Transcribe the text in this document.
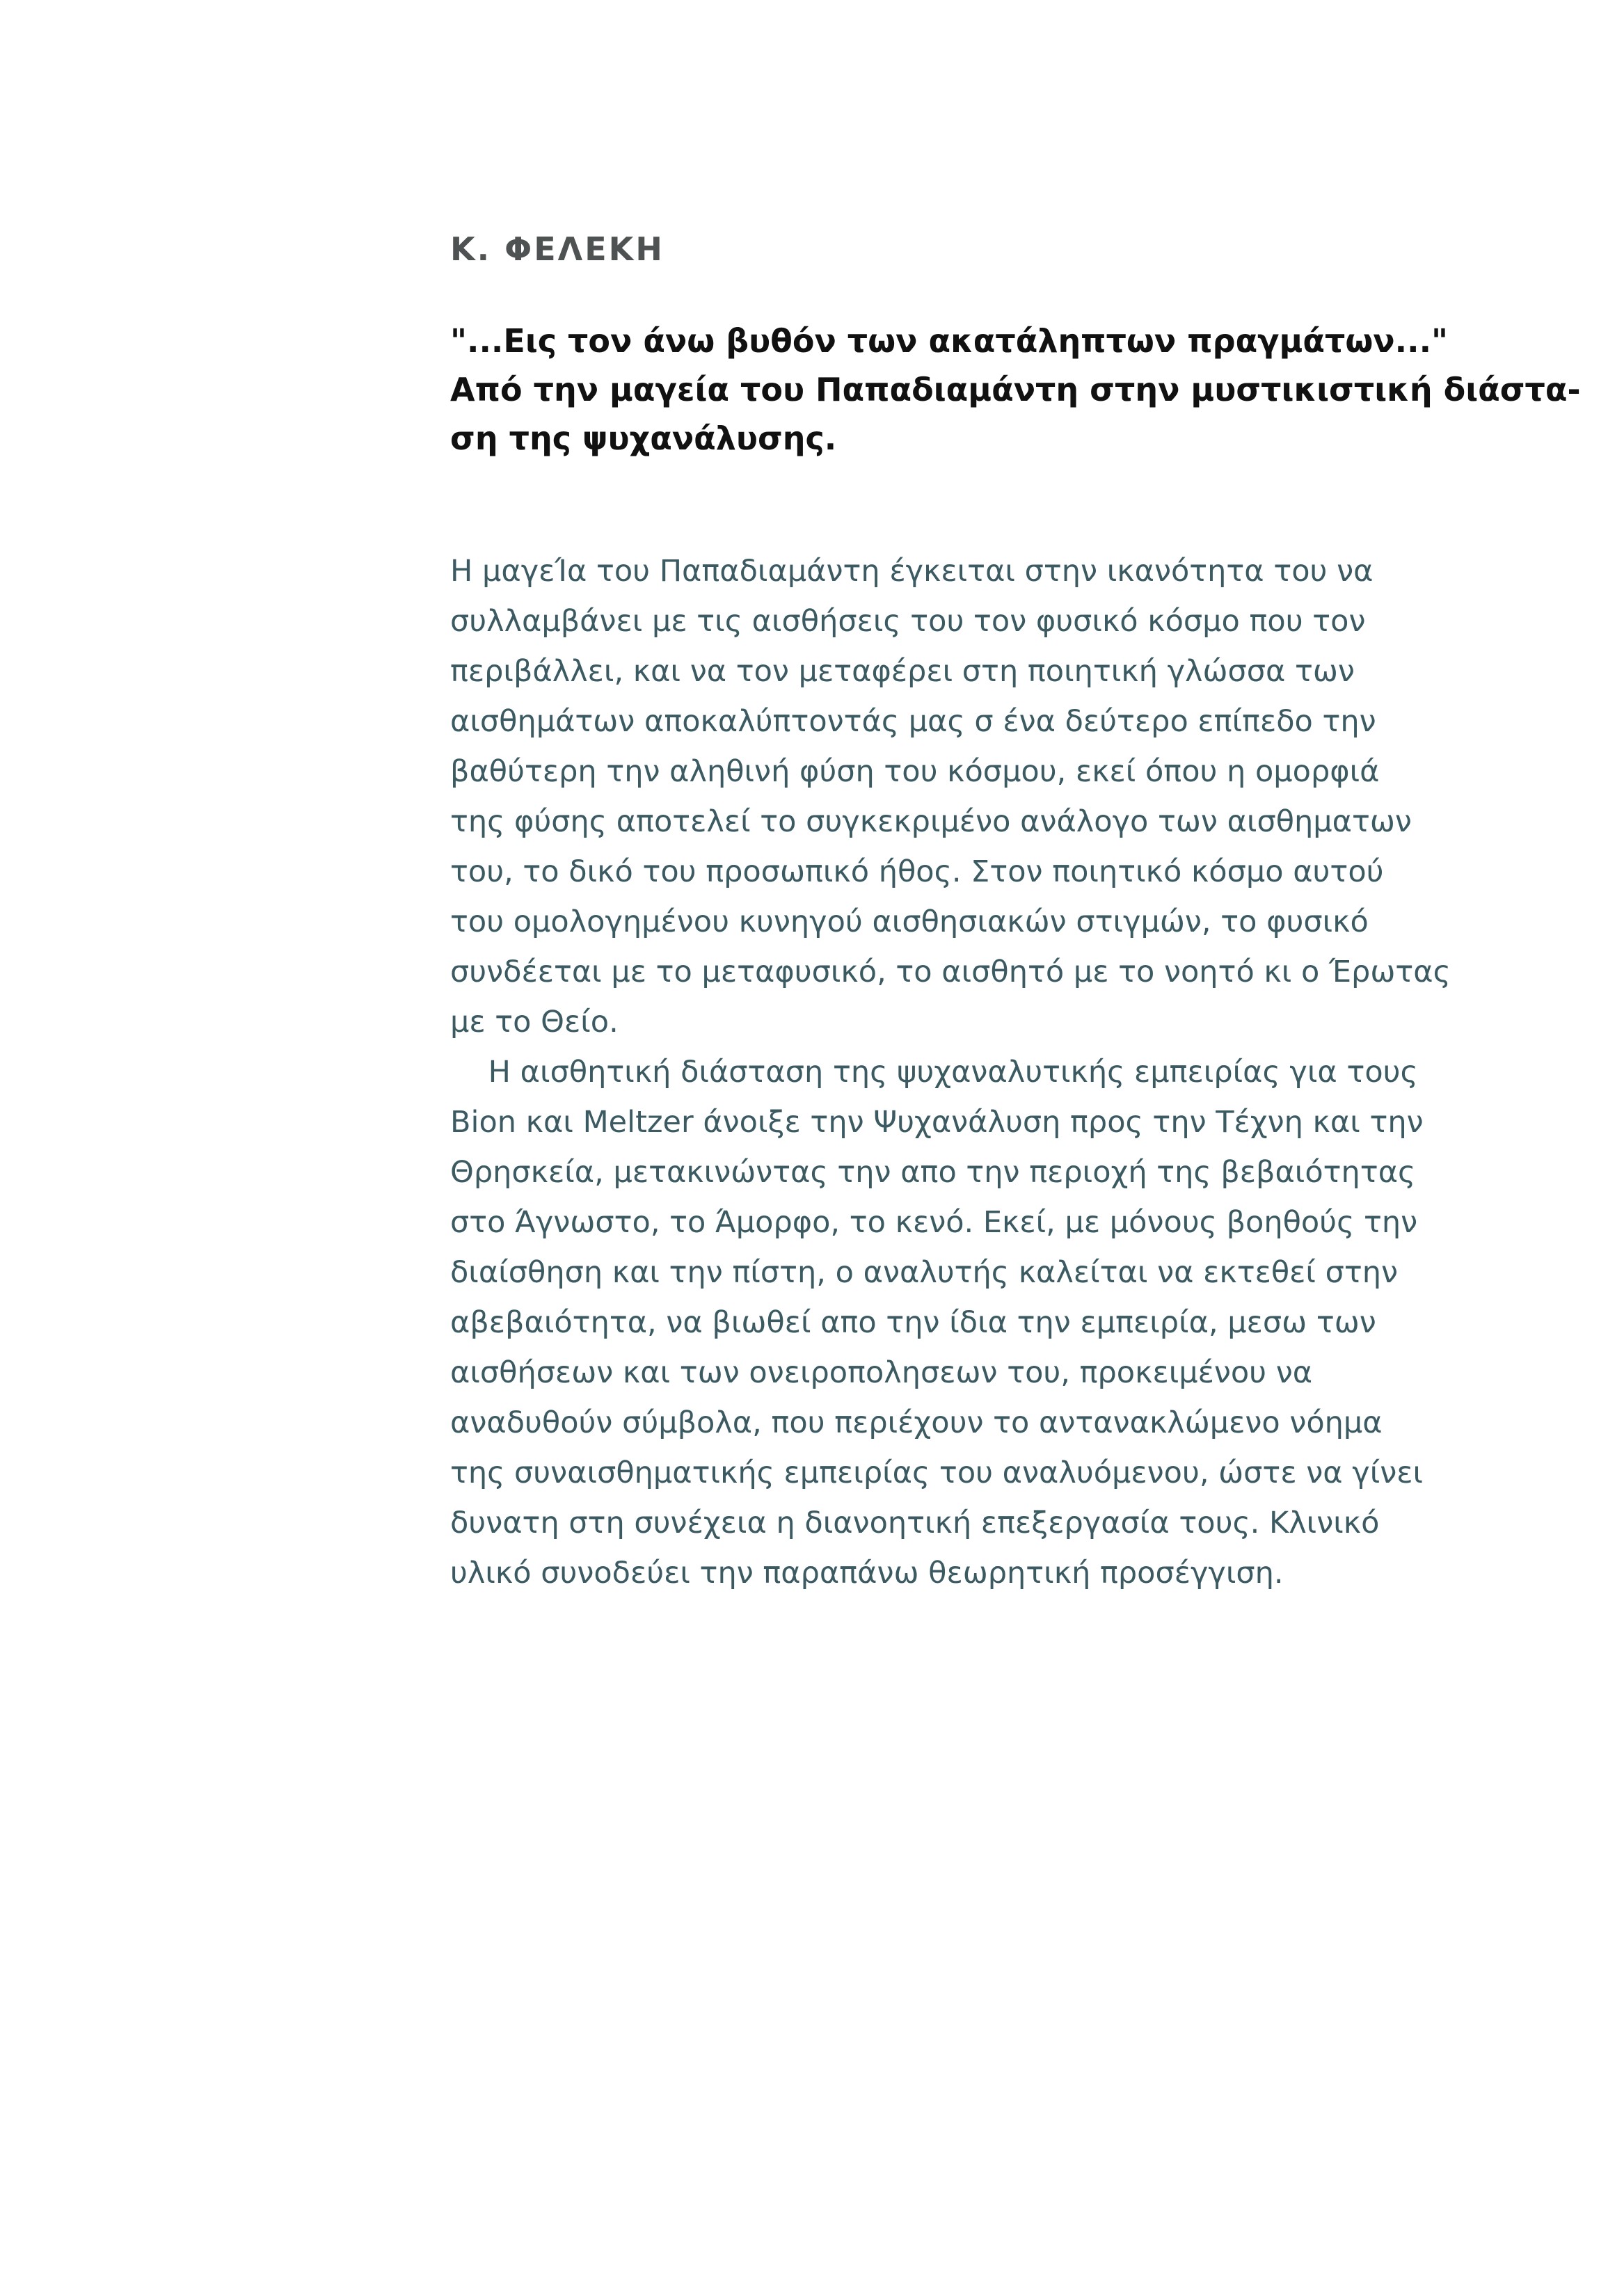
Κ. ΦΕΛΕΚΗ
"...Εις τον άνω βυθόν των ακατάληπτων πραγμάτων..."
Από την μαγεία του Παπαδιαμάντη στην μυστικιστική διάστα-
ση της ψυχανάλυσης.
Η μαγεΊα του Παπαδιαμάντη έγκειται στην ικανότητα του να
συλλαμβάνει με τις αισθήσεις του τον φυσικό κόσμο που τον
περιβάλλει, και να τον μεταφέρει στη ποιητική γλώσσα των
αισθημάτων αποκαλύπτοντάς μας σ ένα δεύτερο επίπεδο την
βαθύτερη την αληθινή φύση του κόσμου, εκεί όπου η ομορφιά
της φύσης αποτελεί το συγκεκριμένο ανάλογο των αισθηματων
του, το δικό του προσωπικό ήθος. Στον ποιητικό κόσμο αυτού
του ομολογημένου κυνηγού αισθησιακών στιγμών, το φυσικό
συνδέεται με το μεταφυσικό, το αισθητό με το νοητό κι ο Έρωτας
με το Θείο.
Η αισθητική διάσταση της ψυχαναλυτικής εμπειρίας για τους
Bion και Meltzer άνοιξε την Ψυχανάλυση προς την Τέχνη και την
Θρησκεία, μετακινώντας την απο την περιοχή της βεβαιότητας
στο Άγνωστο, το Άμορφο, το κενό. Εκεί, με μόνους βοηθούς την
διαίσθηση και την πίστη, ο αναλυτής καλείται να εκτεθεί στην
αβεβαιότητα, να βιωθεί απο την ίδια την εμπειρία, μεσω των
αισθήσεων και των ονειροπολησεων του, προκειμένου να
αναδυθούν σύμβολα, που περιέχουν το αντανακλώμενο νόημα
της συναισθηματικής εμπειρίας του αναλυόμενου, ώστε να γίνει
δυνατη στη συνέχεια η διανοητική επεξεργασία τους. Κλινικό
υλικό συνοδεύει την παραπάνω θεωρητική προσέγγιση.
